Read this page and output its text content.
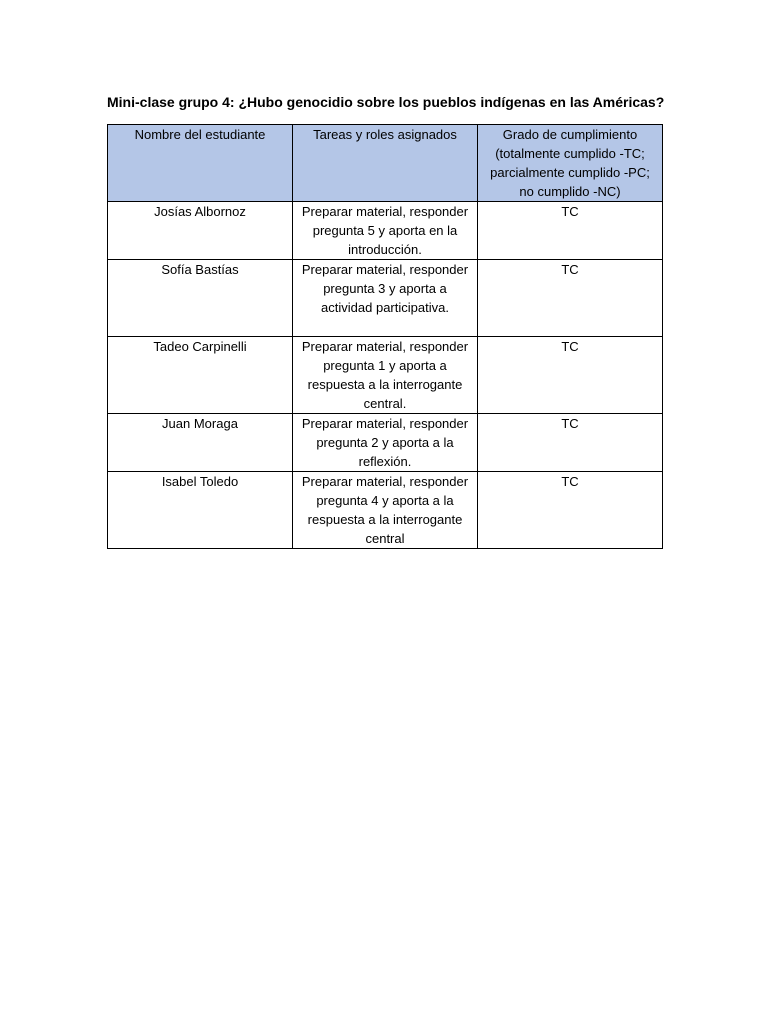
Mini-clase grupo 4: ¿Hubo genocidio sobre los pueblos indígenas en las Américas?
Nombre del estudiante	Tareas y roles asignados	Grado de cumplimiento (totalmente cumplido -TC; parcialmente cumplido -PC; no cumplido -NC)
Josías Albornoz	Preparar material, responder pregunta 5 y aporta en la introducción.	TC
Sofía Bastías	Preparar material, responder pregunta 3 y aporta a actividad participativa.	TC
Tadeo Carpinelli	Preparar material, responder pregunta 1 y aporta a respuesta a la interrogante central.	TC
Juan Moraga	Preparar material, responder pregunta 2 y aporta a la reflexión.	TC
Isabel Toledo	Preparar material, responder pregunta 4 y aporta a la respuesta a la interrogante central	TC
